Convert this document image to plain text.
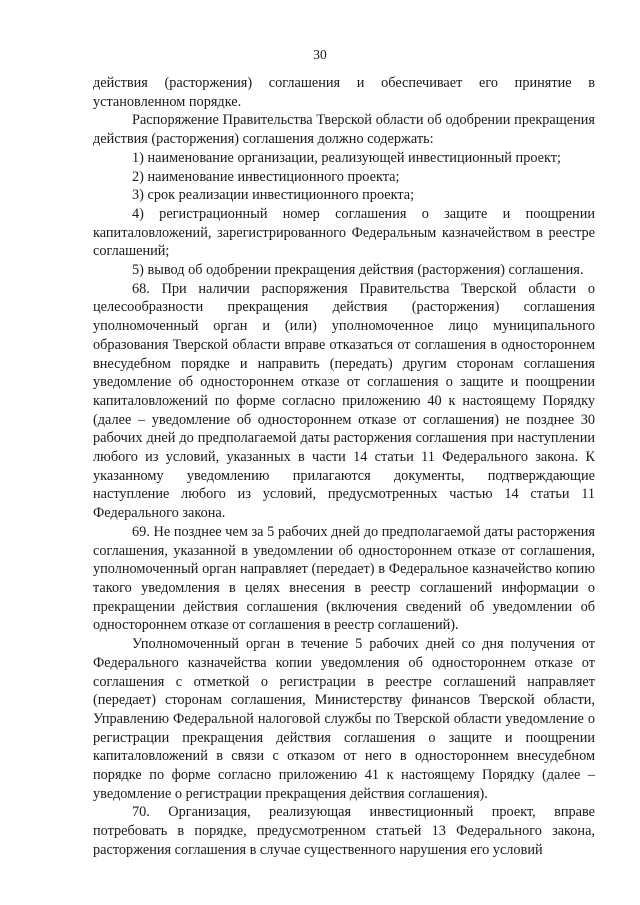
30

действия (расторжения) соглашения и обеспечивает его принятие в установленном порядке.

Распоряжение Правительства Тверской области об одобрении прекращения действия (расторжения) соглашения должно содержать:

1) наименование организации, реализующей инвестиционный проект;

2) наименование инвестиционного проекта;

3) срок реализации инвестиционного проекта;

4) регистрационный номер соглашения о защите и поощрении капиталовложений, зарегистрированного Федеральным казначейством в реестре соглашений;

5) вывод об одобрении прекращения действия (расторжения) соглашения.

68. При наличии распоряжения Правительства Тверской области о целесообразности прекращения действия (расторжения) соглашения уполномоченный орган и (или) уполномоченное лицо муниципального образования Тверской области вправе отказаться от соглашения в одностороннем внесудебном порядке и направить (передать) другим сторонам соглашения уведомление об одностороннем отказе от соглашения о защите и поощрении капиталовложений по форме согласно приложению 40 к настоящему Порядку (далее – уведомление об одностороннем отказе от соглашения) не позднее 30 рабочих дней до предполагаемой даты расторжения соглашения при наступлении любого из условий, указанных в части 14 статьи 11 Федерального закона. К указанному уведомлению прилагаются документы, подтверждающие наступление любого из условий, предусмотренных частью 14 статьи 11 Федерального закона.

69. Не позднее чем за 5 рабочих дней до предполагаемой даты расторжения соглашения, указанной в уведомлении об одностороннем отказе от соглашения, уполномоченный орган направляет (передает) в Федеральное казначейство копию такого уведомления в целях внесения в реестр соглашений информации о прекращении действия соглашения (включения сведений об уведомлении об одностороннем отказе от соглашения в реестр соглашений).

Уполномоченный орган в течение 5 рабочих дней со дня получения от Федерального казначейства копии уведомления об одностороннем отказе от соглашения с отметкой о регистрации в реестре соглашений направляет (передает) сторонам соглашения, Министерству финансов Тверской области, Управлению Федеральной налоговой службы по Тверской области уведомление о регистрации прекращения действия соглашения о защите и поощрении капиталовложений в связи с отказом от него в одностороннем внесудебном порядке по форме согласно приложению 41 к настоящему Порядку (далее – уведомление о регистрации прекращения действия соглашения).

70. Организация, реализующая инвестиционный проект, вправе потребовать в порядке, предусмотренном статьей 13 Федерального закона, расторжения соглашения в случае существенного нарушения его условий
